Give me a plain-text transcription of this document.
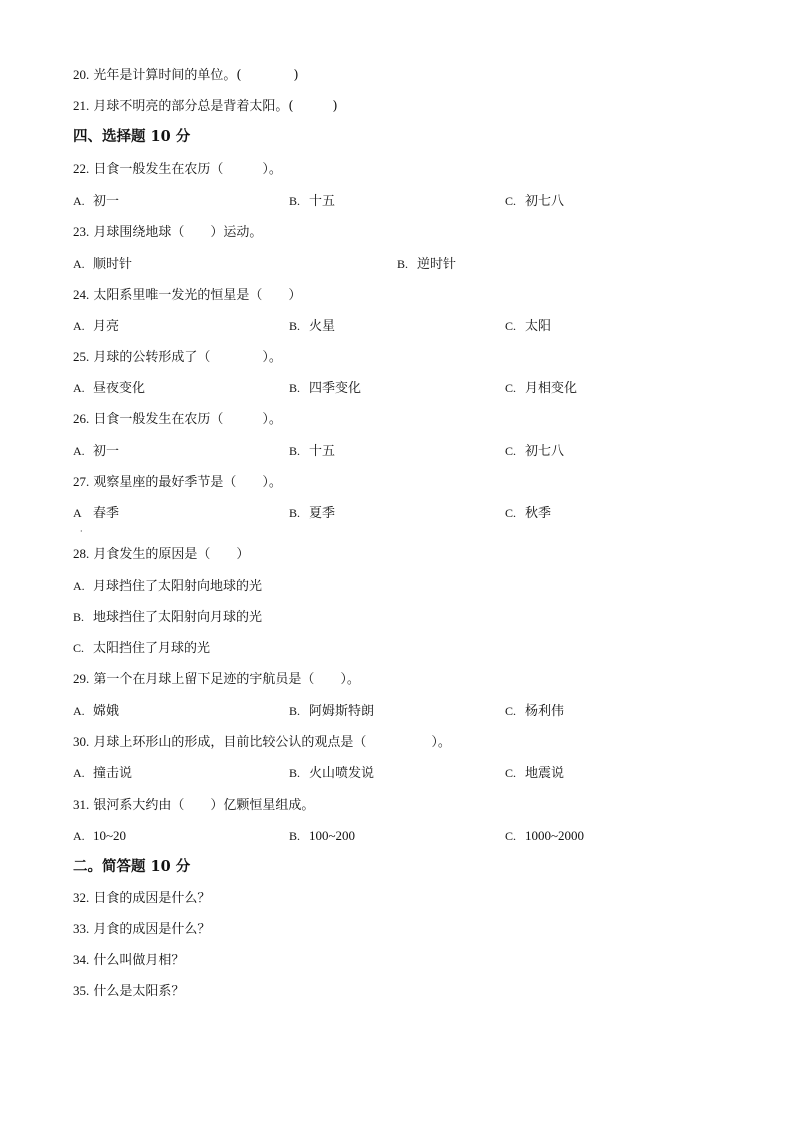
20. 光年是计算时间的单位。(　　　　)
21. 月球不明亮的部分总是背着太阳。(　　　)
四、选择题 10 分
22. 日食一般发生在农历（　　　）。
A. 初一	B. 十五	C. 初七八
23. 月球围绕地球（　　）运动。
A. 顺时针	B. 逆时针
24. 太阳系里唯一发光的恒星是（　　）
A. 月亮	B. 火星	C. 太阳
25. 月球的公转形成了（　　　　）。
A. 昼夜变化	B. 四季变化	C. 月相变化
26. 日食一般发生在农历（　　　）。
A. 初一	B. 十五	C. 初七八
27. 观察星座的最好季节是（　　）。
A 春季
·
B. 夏季	C. 秋季
28. 月食发生的原因是（　　）
A. 月球挡住了太阳射向地球的光
B. 地球挡住了太阳射向月球的光
C. 太阳挡住了月球的光
29. 第一个在月球上留下足迹的宇航员是（　　）。
A. 嫦娥	B. 阿姆斯特朗	C. 杨利伟
30. 月球上环形山的形成，目前比较公认的观点是（　　　　　）。
A. 撞击说	B. 火山喷发说	C. 地震说
31. 银河系大约由（　　）亿颗恒星组成。
A. 10~20	B. 100~200	C. 1000~2000
二。简答题 10 分
32. 日食的成因是什么？
33. 月食的成因是什么？
34. 什么叫做月相？
35. 什么是太阳系？
